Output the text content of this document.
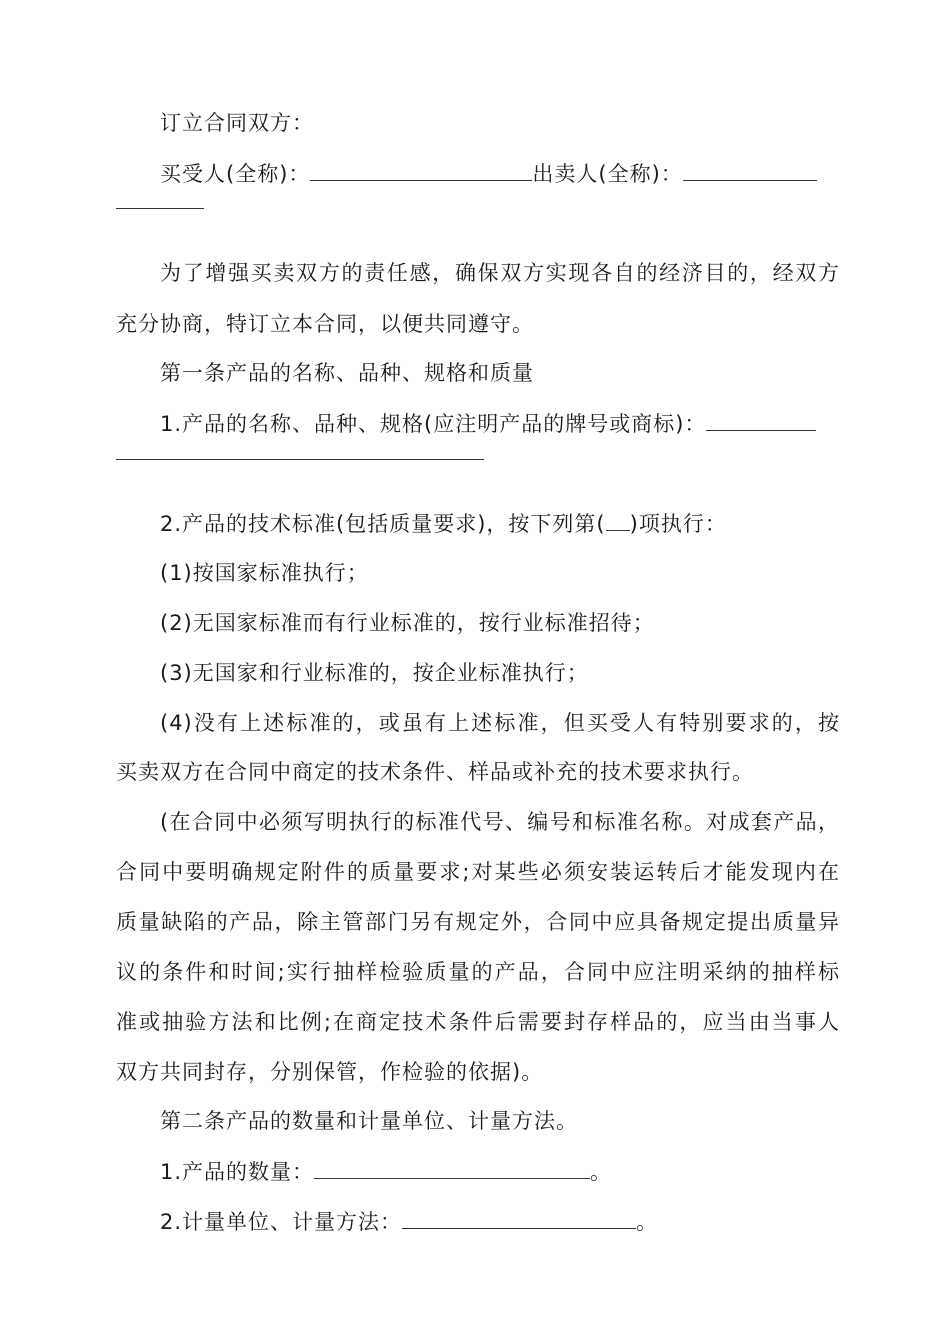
订立合同双方：
买受人(全称)：	出卖人(全称)：
为了增强买卖双方的责任感，确保双方实现各自的经济目的，经双方
充分协商，特订立本合同，以便共同遵守。
第一条产品的名称、品种、规格和质量
1.产品的名称、品种、规格(应注明产品的牌号或商标)：
2.产品的技术标准(包括质量要求)，按下列第( )项执行：
(1)按国家标准执行；
(2)无国家标准而有行业标准的，按行业标准招待；
(3)无国家和行业标准的，按企业标准执行；
(4)没有上述标准的，或虽有上述标准，但买受人有特别要求的，按
买卖双方在合同中商定的技术条件、样品或补充的技术要求执行。
(在合同中必须写明执行的标准代号、编号和标准名称。对成套产品，
合同中要明确规定附件的质量要求;对某些必须安装运转后才能发现内在
质量缺陷的产品，除主管部门另有规定外，合同中应具备规定提出质量异
议的条件和时间;实行抽样检验质量的产品，合同中应注明采纳的抽样标
准或抽验方法和比例;在商定技术条件后需要封存样品的，应当由当事人
双方共同封存，分别保管，作检验的依据)。
第二条产品的数量和计量单位、计量方法。
1.产品的数量：	。
2.计量单位、计量方法：	。
